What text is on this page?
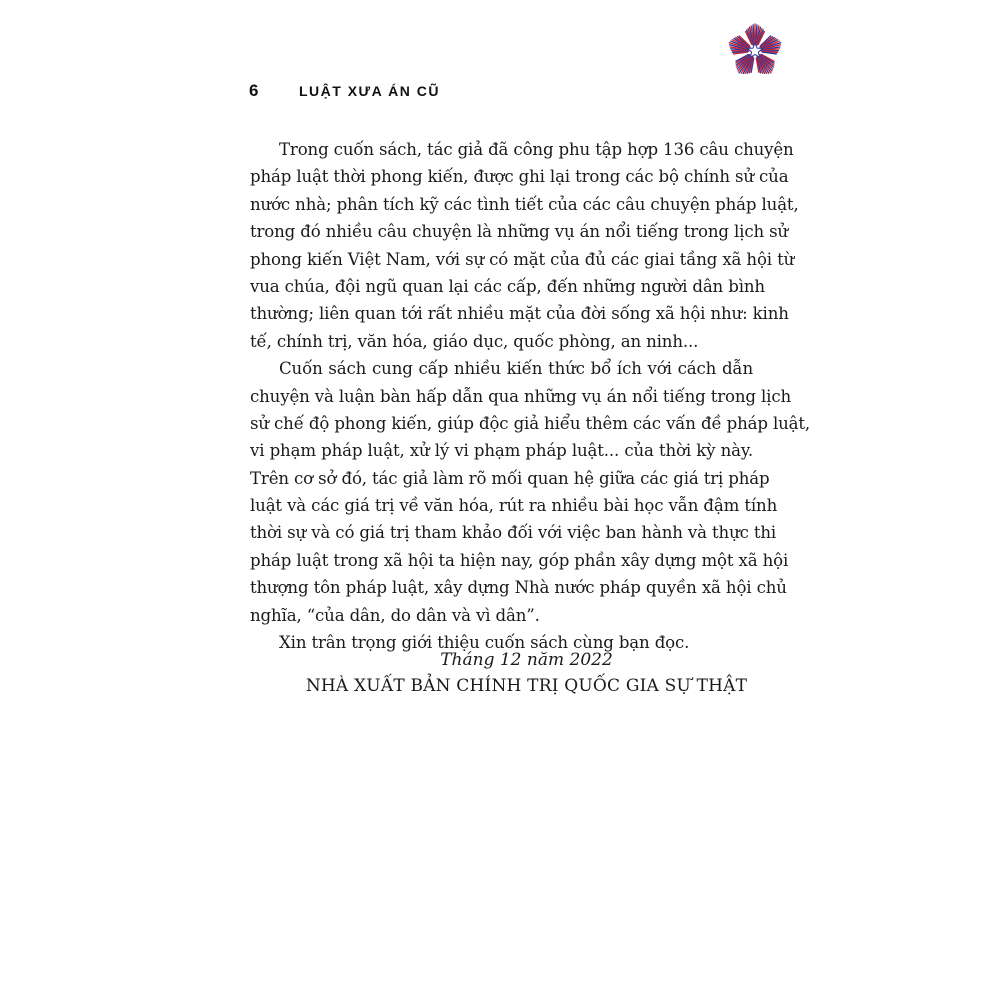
6	LUẬT XƯA ÁN CŨ
Trong cuốn sách, tác giả đã công phu tập hợp 136 câu chuyện
pháp luật thời phong kiến, được ghi lại trong các bộ chính sử của
nước nhà; phân tích kỹ các tình tiết của các câu chuyện pháp luật,
trong đó nhiều câu chuyện là những vụ án nổi tiếng trong lịch sử
phong kiến Việt Nam, với sự có mặt của đủ các giai tầng xã hội từ
vua chúa, đội ngũ quan lại các cấp, đến những người dân bình
thường; liên quan tới rất nhiều mặt của đời sống xã hội như: kinh
tế, chính trị, văn hóa, giáo dục, quốc phòng, an ninh...
Cuốn sách cung cấp nhiều kiến thức bổ ích với cách dẫn
chuyện và luận bàn hấp dẫn qua những vụ án nổi tiếng trong lịch
sử chế độ phong kiến, giúp độc giả hiểu thêm các vấn đề pháp luật,
vi phạm pháp luật, xử lý vi phạm pháp luật... của thời kỳ này.
Trên cơ sở đó, tác giả làm rõ mối quan hệ giữa các giá trị pháp
luật và các giá trị về văn hóa, rút ra nhiều bài học vẫn đậm tính
thời sự và có giá trị tham khảo đối với việc ban hành và thực thi
pháp luật trong xã hội ta hiện nay, góp phần xây dựng một xã hội
thượng tôn pháp luật, xây dựng Nhà nước pháp quyền xã hội chủ
nghĩa, “của dân, do dân và vì dân”.
Xin trân trọng giới thiệu cuốn sách cùng bạn đọc.
Tháng 12 năm 2022
NHÀ XUẤT BẢN CHÍNH TRỊ QUỐC GIA SỰ THẬT
